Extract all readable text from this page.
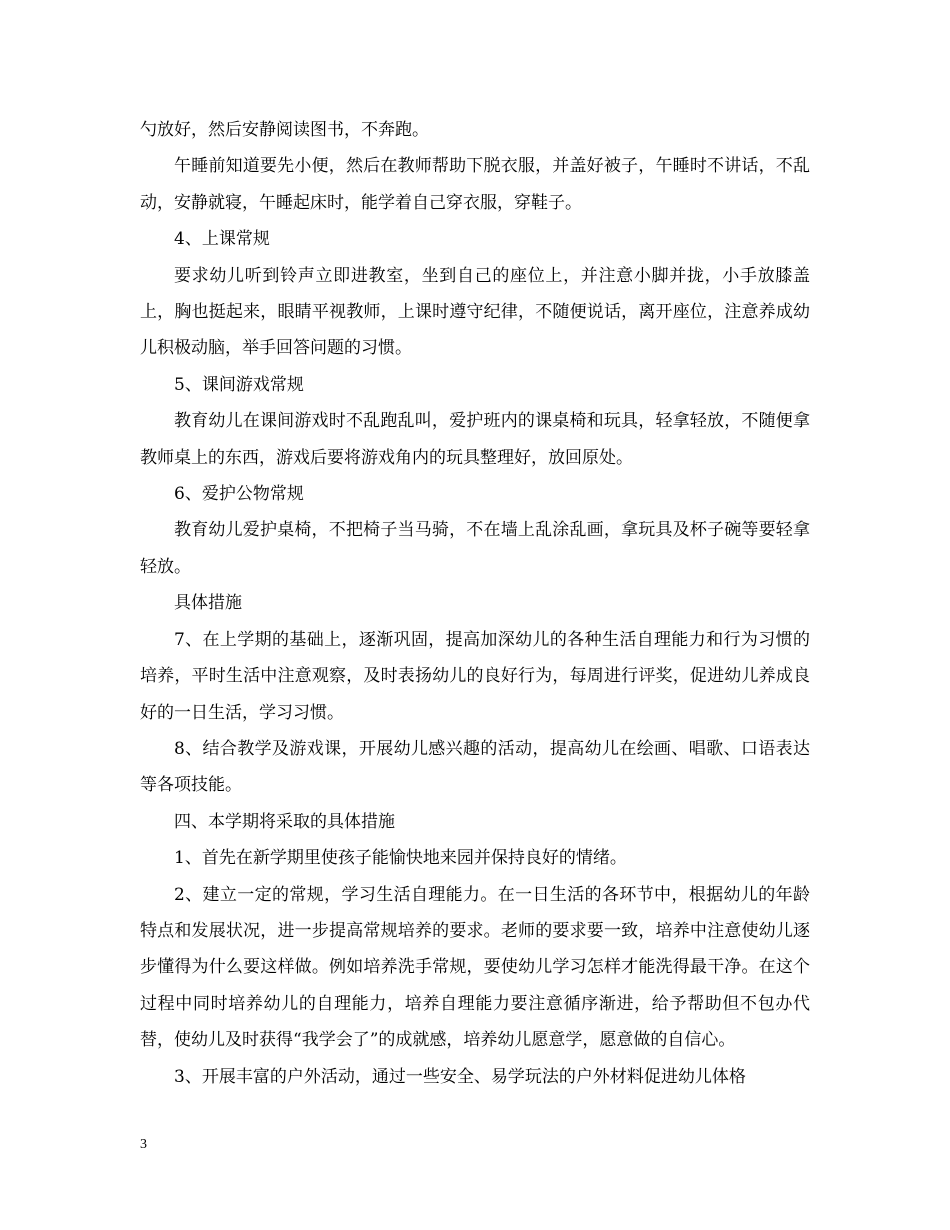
勺放好，然后安静阅读图书，不奔跑。

午睡前知道要先小便，然后在教师帮助下脱衣服，并盖好被子，午睡时不讲话，不乱动，安静就寝，午睡起床时，能学着自己穿衣服，穿鞋子。

4、上课常规

要求幼儿听到铃声立即进教室，坐到自己的座位上，并注意小脚并拢，小手放膝盖上，胸也挺起来，眼睛平视教师，上课时遵守纪律，不随便说话，离开座位，注意养成幼儿积极动脑，举手回答问题的习惯。

5、课间游戏常规

教育幼儿在课间游戏时不乱跑乱叫，爱护班内的课桌椅和玩具，轻拿轻放，不随便拿教师桌上的东西，游戏后要将游戏角内的玩具整理好，放回原处。

6、爱护公物常规

教育幼儿爱护桌椅，不把椅子当马骑，不在墙上乱涂乱画，拿玩具及杯子碗等要轻拿轻放。

具体措施

7、在上学期的基础上，逐渐巩固，提高加深幼儿的各种生活自理能力和行为习惯的培养，平时生活中注意观察，及时表扬幼儿的良好行为，每周进行评奖，促进幼儿养成良好的一日生活，学习习惯。

8、结合教学及游戏课，开展幼儿感兴趣的活动，提高幼儿在绘画、唱歌、口语表达等各项技能。

四、本学期将采取的具体措施

1、首先在新学期里使孩子能愉快地来园并保持良好的情绪。

2、建立一定的常规，学习生活自理能力。在一日生活的各环节中，根据幼儿的年龄特点和发展状况，进一步提高常规培养的要求。老师的要求要一致，培养中注意使幼儿逐步懂得为什么要这样做。例如培养洗手常规，要使幼儿学习怎样才能洗得最干净。在这个过程中同时培养幼儿的自理能力，培养自理能力要注意循序渐进，给予帮助但不包办代替，使幼儿及时获得“我学会了”的成就感，培养幼儿愿意学，愿意做的自信心。

3、开展丰富的户外活动，通过一些安全、易学玩法的户外材料促进幼儿体格

3
